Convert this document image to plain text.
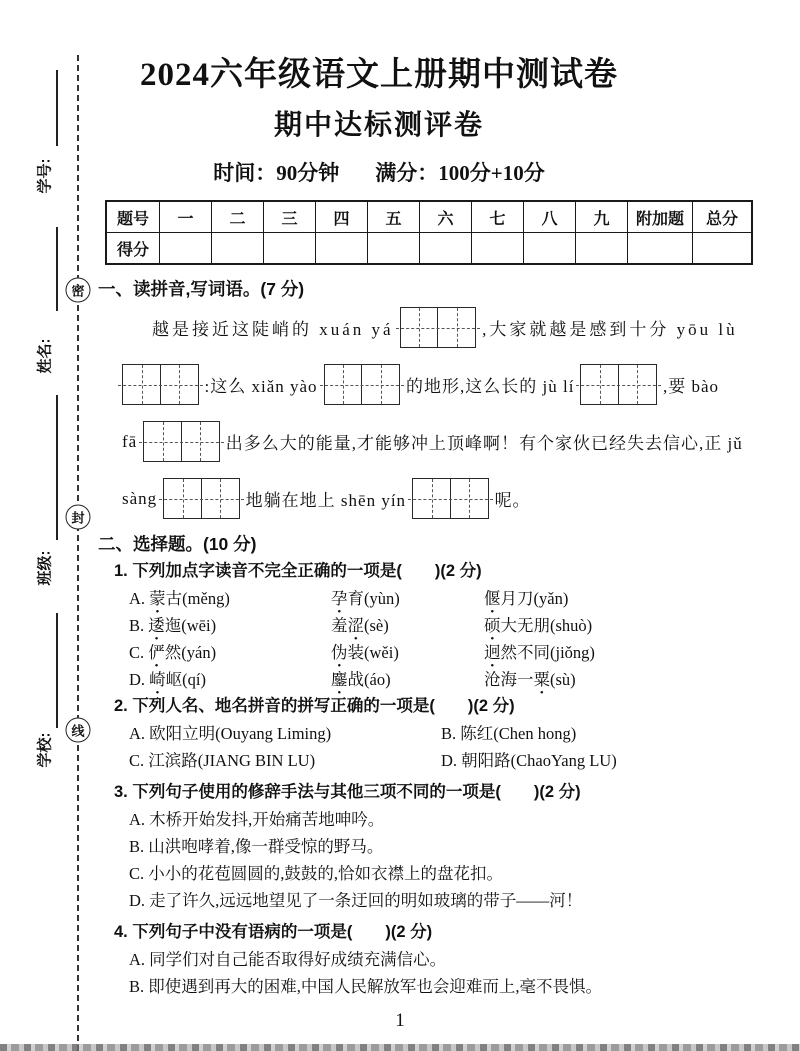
学号:
姓名:
班级:
学校:
密
封
线
2024六年级语文上册期中测试卷
期中达标测评卷
时间：90分钟 满分：100分+10分
题号	一	二	三	四	五	六	七	八	九	附加题	总分
得分											
一、读拼音,写词语。(7 分)
越是接近这陡峭的 xuán yá	,大家就越是感到十分 yōu lù
:这么 xiǎn yào	的地形,这么长的 jù lí	,要 bào
fā	出多么大的能量,才能够冲上顶峰啊！有个家伙已经失去信心,正 jǔ
sàng	地躺在地上 shēn yín	呢。
二、选择题。(10 分)
1. 下列加点字读音不完全正确的一项是(　　)(2 分)
A. 蒙古(měng)	孕育(yùn)	偃月刀(yǎn)
B. 逶迤(wēi)	羞涩(sè)	硕大无朋(shuò)
C. 俨然(yán)	伪装(wěi)	迥然不同(jiǒng)
D. 崎岖(qí)	鏖战(áo)	沧海一粟(sù)
2. 下列人名、地名拼音的拼写正确的一项是(　　)(2 分)
A. 欧阳立明(Ouyang Liming)	B. 陈红(Chen hong)
C. 江滨路(JIANG BIN LU)	D. 朝阳路(ChaoYang LU)
3. 下列句子使用的修辞手法与其他三项不同的一项是(　　)(2 分)
A. 木桥开始发抖,开始痛苦地呻吟。
B. 山洪咆哮着,像一群受惊的野马。
C. 小小的花苞圆圆的,鼓鼓的,恰如衣襟上的盘花扣。
D. 走了许久,远远地望见了一条迂回的明如玻璃的带子——河！
4. 下列句子中没有语病的一项是(　　)(2 分)
A. 同学们对自己能否取得好成绩充满信心。
B. 即使遇到再大的困难,中国人民解放军也会迎难而上,毫不畏惧。
1
